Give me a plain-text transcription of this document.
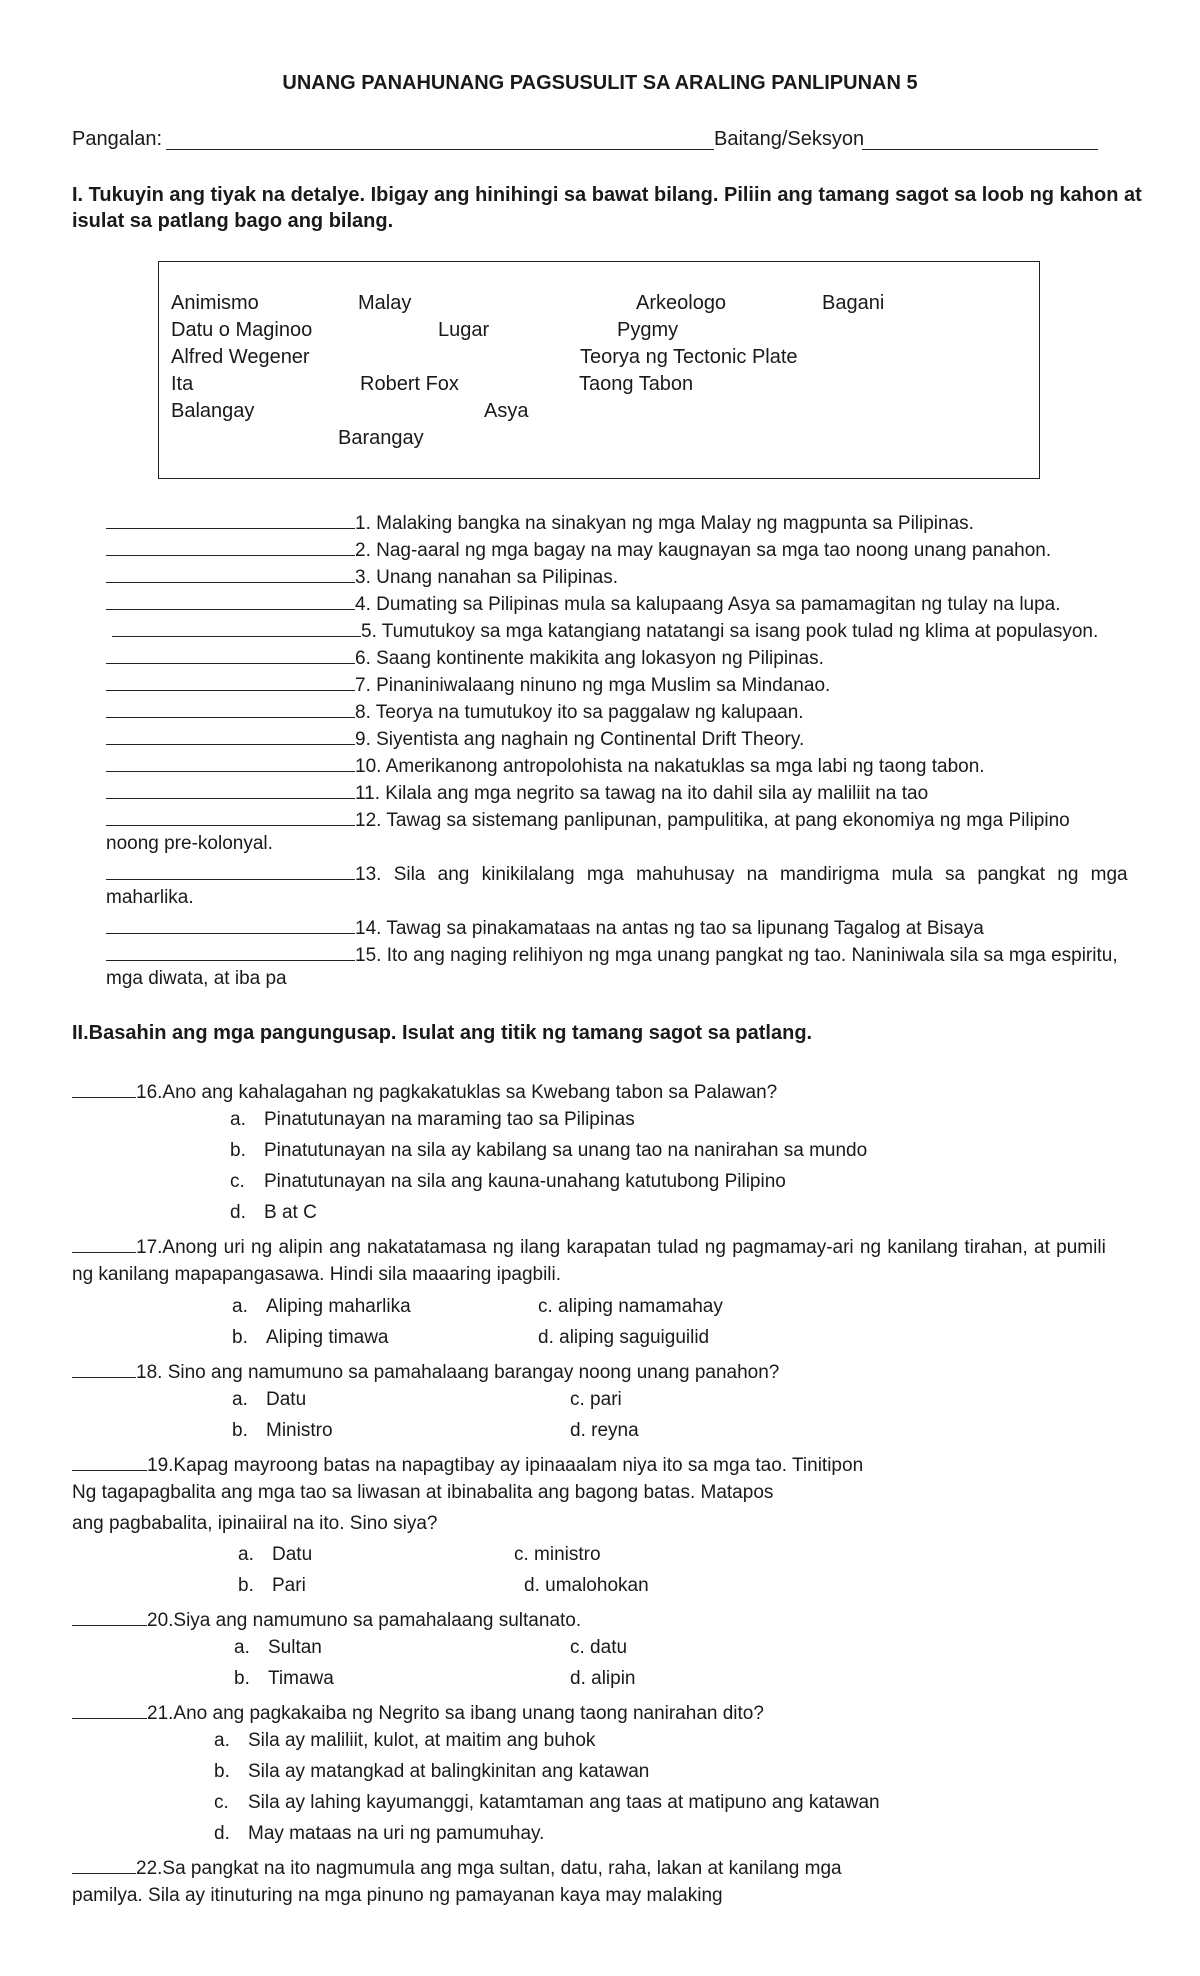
UNANG PANAHUNANG PAGSUSULIT SA ARALING PANLIPUNAN 5
Pangalan:	Baitang/Seksyon
I. Tukuyin ang tiyak na detalye. Ibigay ang hinihingi sa bawat bilang. Piliin ang tamang sagot sa loob ng kahon at
isulat sa patlang bago ang bilang.
Animismo	Malay	Arkeologo	Bagani
Datu o Maginoo	Lugar	Pygmy
Alfred Wegener	Teorya ng Tectonic Plate
Ita	Robert Fox	Taong Tabon
Balangay	Asya
Barangay
1. Malaking bangka na sinakyan ng mga Malay ng magpunta sa Pilipinas.
2. Nag-aaral ng mga bagay na may kaugnayan sa mga tao noong unang panahon.
3. Unang nanahan sa Pilipinas.
4. Dumating sa Pilipinas mula sa kalupaang Asya sa pamamagitan ng tulay na lupa.
5. Tumutukoy sa mga katangiang natatangi sa isang pook tulad ng klima at populasyon.
6. Saang kontinente makikita ang lokasyon ng Pilipinas.
7. Pinaniniwalaang ninuno ng mga Muslim sa Mindanao.
8. Teorya na tumutukoy ito sa paggalaw ng kalupaan.
9. Siyentista ang naghain ng Continental Drift Theory.
10. Amerikanong antropolohista na nakatuklas sa mga labi ng taong tabon.
11. Kilala ang mga negrito sa tawag na ito dahil sila ay maliliit na tao
12. Tawag sa sistemang panlipunan, pampulitika, at pang ekonomiya ng mga Pilipino
noong pre-kolonyal.
13. Sila ang kinikilalang mga mahuhusay na mandirigma mula sa pangkat ng mga
maharlika.
14. Tawag sa pinakamataas na antas ng tao sa lipunang Tagalog at Bisaya
15. Ito ang naging relihiyon ng mga unang pangkat ng tao. Naniniwala sila sa mga espiritu,
mga diwata, at iba pa
II.Basahin ang mga pangungusap. Isulat ang titik ng tamang sagot sa patlang.
16.Ano ang kahalagahan ng pagkakatuklas sa Kwebang tabon sa Palawan?
a. Pinatutunayan na maraming tao sa Pilipinas
b. Pinatutunayan na sila ay kabilang sa unang tao na nanirahan sa mundo
c. Pinatutunayan na sila ang kauna-unahang katutubong Pilipino
d. B at C
17.Anong uri ng alipin ang nakatatamasa ng ilang karapatan tulad ng pagmamay-ari ng kanilang tirahan, at pumili
ng kanilang mapapangasawa. Hindi sila maaaring ipagbili.
a. Aliping maharlika	c. aliping namamahay
b. Aliping timawa	d. aliping saguiguilid
18. Sino ang namumuno sa pamahalaang barangay noong unang panahon?
a. Datu	c. pari
b. Ministro	d. reyna
19.Kapag mayroong batas na napagtibay ay ipinaaalam niya ito sa mga tao. Tinitipon
Ng tagapagbalita ang mga tao sa liwasan at ibinabalita ang bagong batas. Matapos
ang pagbabalita, ipinaiiral na ito. Sino siya?
a. Datu	c. ministro
b. Pari	d. umalohokan
20.Siya ang namumuno sa pamahalaang sultanato.
a. Sultan	c. datu
b. Timawa	d. alipin
21.Ano ang pagkakaiba ng Negrito sa ibang unang taong nanirahan dito?
a. Sila ay maliliit, kulot, at maitim ang buhok
b. Sila ay matangkad at balingkinitan ang katawan
c. Sila ay lahing kayumanggi, katamtaman ang taas at matipuno ang katawan
d. May mataas na uri ng pamumuhay.
22.Sa pangkat na ito nagmumula ang mga sultan, datu, raha, lakan at kanilang mga
pamilya. Sila ay itinuturing na mga pinuno ng pamayanan kaya may malaking
